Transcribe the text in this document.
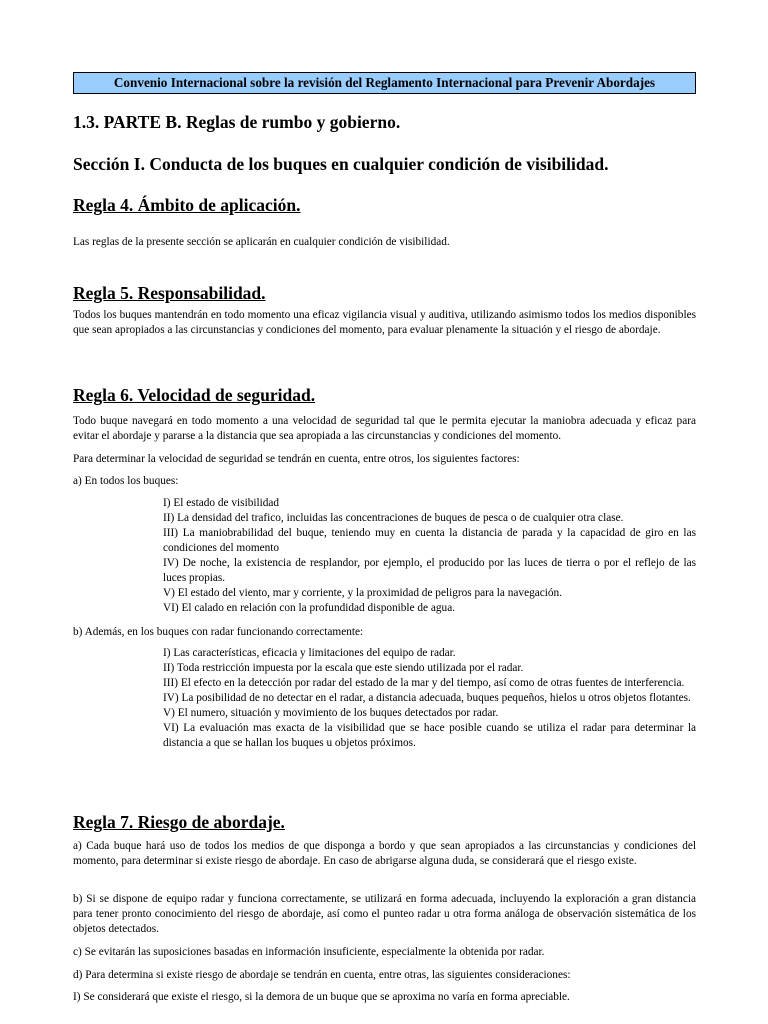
Convenio Internacional sobre la revisión del Reglamento Internacional para Prevenir Abordajes
1.3. PARTE B. Reglas de rumbo y gobierno.
Sección I. Conducta de los buques en cualquier condición de visibilidad.
Regla 4. Ámbito de aplicación.

Las reglas de la presente sección se aplicarán en cualquier condición de visibilidad.

Regla 5. Responsabilidad.

Todos los buques mantendrán en todo momento una eficaz vigilancia visual y auditiva, utilizando asimismo todos los medios disponibles que sean apropiados a las circunstancias y condiciones del momento, para evaluar plenamente la situación y el riesgo de abordaje.

Regla 6. Velocidad de seguridad.

Todo buque navegará en todo momento a una velocidad de seguridad tal que le permita ejecutar la maniobra adecuada y eficaz para evitar el abordaje y pararse a la distancia que sea apropiada a las circunstancias y condiciones del momento.

Para determinar la velocidad de seguridad se tendrán en cuenta, entre otros, los siguientes factores:

a) En todos los buques:

I) El estado de visibilidad
II) La densidad del trafico, incluidas las concentraciones de buques de pesca o de cualquier otra clase.
III) La maniobrabilidad del buque, teniendo muy en cuenta la distancia de parada y la capacidad de giro en las condiciones del momento
IV) De noche, la existencia de resplandor, por ejemplo, el producido por las luces de tierra o por el reflejo de las luces propias.
V) El estado del viento, mar y corriente, y la proximidad de peligros para la navegación.
VI) El calado en relación con la profundidad disponible de agua.

b) Además, en los buques con radar funcionando correctamente:

I) Las características, eficacia y limitaciones del equipo de radar.
II) Toda restricción impuesta por la escala que este siendo utilizada por el radar.
III) El efecto en la detección por radar del estado de la mar y del tiempo, así como de otras fuentes de interferencia.
IV) La posibilidad de no detectar en el radar, a distancia adecuada, buques pequeños, hielos u otros objetos flotantes.
V) El numero, situación y movimiento de los buques detectados por radar.
VI) La evaluación mas exacta de la visibilidad que se hace posible cuando se utiliza el radar para determinar la distancia a que se hallan los buques u objetos próximos.
Regla 7. Riesgo de abordaje.

a) Cada buque hará uso de todos los medios de que disponga a bordo y que sean apropiados a las circunstancias y condiciones del momento, para determinar si existe riesgo de abordaje. En caso de abrigarse alguna duda, se considerará que el riesgo existe.

b) Si se dispone de equipo radar y funciona correctamente, se utilizará en forma adecuada, incluyendo la exploración a gran distancia para tener pronto conocimiento del riesgo de abordaje, así como el punteo radar u otra forma análoga de observación sistemática de los objetos detectados.

c) Se evitarán las suposiciones basadas en información insuficiente, especialmente la obtenida por radar.

d) Para determina si existe riesgo de abordaje se tendrán en cuenta, entre otras, las siguientes consideraciones:

I) Se considerará que existe el riesgo, si la demora de un buque que se aproxima no varía en forma apreciable.
